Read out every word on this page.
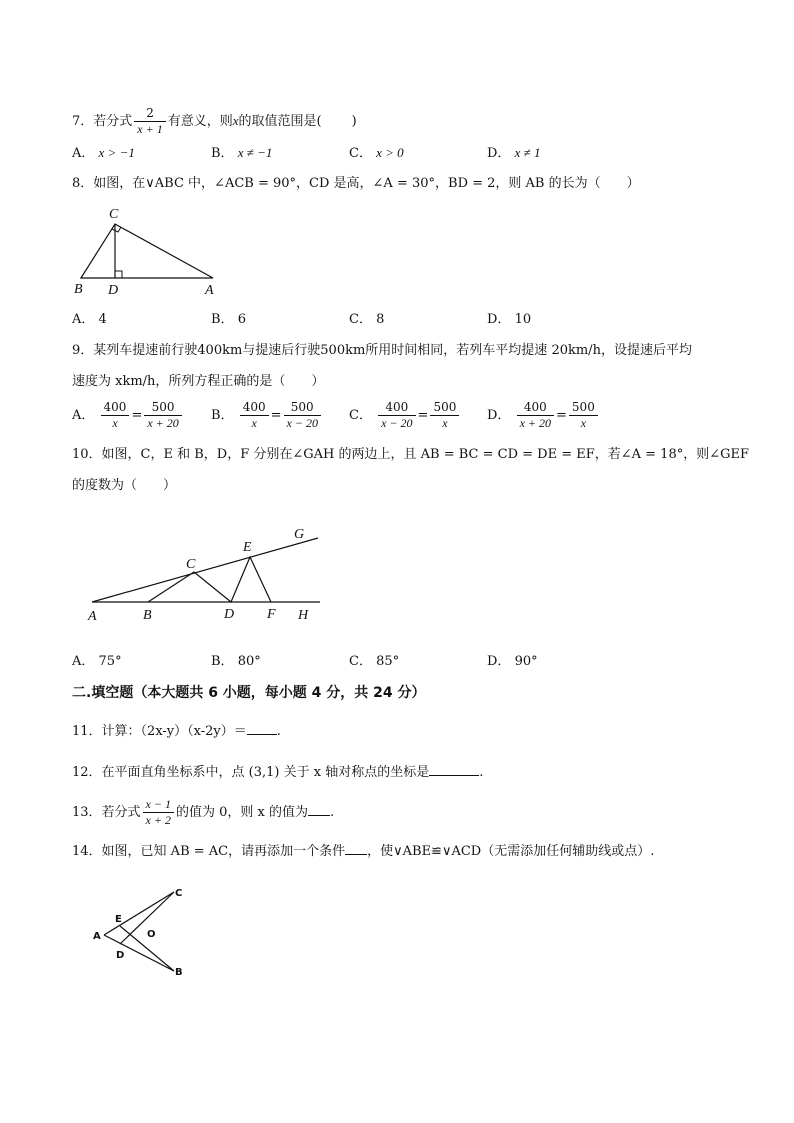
7．若分式 $\frac{2}{x + 1}$ 有意义，则x的取值范围是( )
A． x > −1	B． x ≠ −1	C． x > 0	D． x ≠ 1
8．如图，在∨ABC 中，∠ACB = 90°，CD 是高，∠A = 30°，BD = 2，则 AB 的长为（　　）
C
B D	A
A． 4	B． 6	C． 8	D． 10
9．某列车提速前行驶400km与提速后行驶500km所用时间相同，若列车平均提速 20km/h，设提速后平均
速度为 xkm/h，所列方程正确的是（　　）
A． $\frac{400}{x} = \frac{500}{x + 20}$ B． $\frac{400}{x} = \frac{500}{x - 20}$ C． $\frac{400}{x - 20} = \frac{500}{x}$ D． $\frac{400}{x + 20} = \frac{500}{x}$
10．如图，C，E 和 B，D，F 分别在∠GAH 的两边上，且 AB = BC = CD = DE = EF，若∠A = 18°，则∠GEF
的度数为（　　）
G
E
C
A	B	D F H
A． 75°	B． 80°	C． 85°	D． 90°
二.填空题（本大题共 6 小题，每小题 4 分，共 24 分）
11．计算：（2x-y）（x-2y）＝ .
12．在平面直角坐标系中，点 (3,1) 关于 x 轴对称点的坐标是	.
13．若分式 $\frac{x - 1}{x + 2}$ 的值为 0，则 x 的值为 .
14．如图，已知 AB = AC，请再添加一个条件 ，使∨ABE≌∨ACD（无需添加任何辅助线或点）.
C
E
A	O
D
B
